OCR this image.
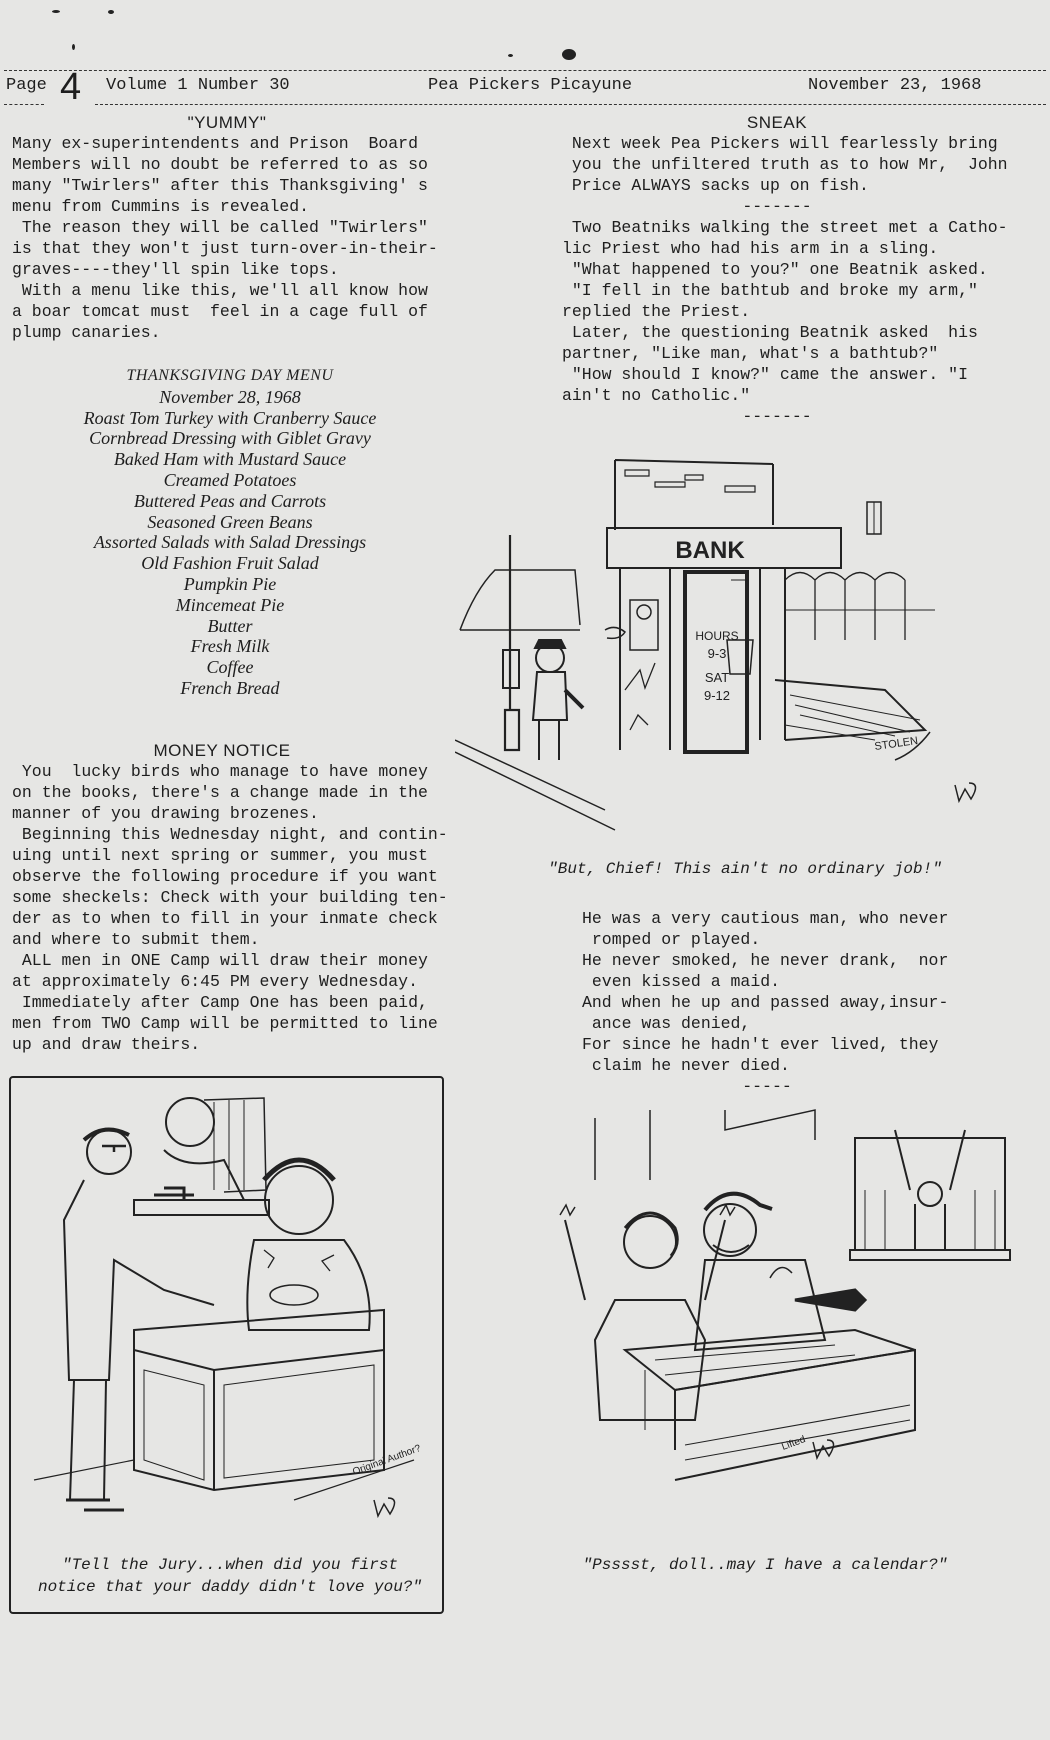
Page 4 Volume 1 Number 30	Pea Pickers Picayune	November 23, 1968

"YUMMY"

Many ex-superintendents and Prison  Board
Members will no doubt be referred to as so
many "Twirlers" after this Thanksgiving' s
menu from Cummins is revealed.

The reason they will be called "Twirlers"
is that they won't just turn-over-in-their-
graves----they'll spin like tops.

With a menu like this, we'll all know how
a boar tomcat must  feel in a cage full of
plump canaries.

THANKSGIVING DAY MENU
November 28, 1968
Roast Tom Turkey with Cranberry Sauce
Cornbread Dressing with Giblet Gravy
Baked Ham with Mustard Sauce
Creamed Potatoes
Buttered Peas and Carrots
Seasoned Green Beans
Assorted Salads with Salad Dressings
Old Fashion Fruit Salad
Pumpkin Pie
Mincemeat Pie
Butter
Fresh Milk
Coffee
French Bread

MONEY NOTICE

You  lucky birds who manage to have money
on the books, there's a change made in the
manner of you drawing brozenes.

Beginning this Wednesday night, and contin-
uing until next spring or summer, you must
observe the following procedure if you want
some sheckels: Check with your building ten-
der as to when to fill in your inmate check
and where to submit them.

ALL men in ONE Camp will draw their money
at approximately 6:45 PM every Wednesday.

Immediately after Camp One has been paid,
men from TWO Camp will be permitted to line
up and draw theirs.

SNEAK

Next week Pea Pickers will fearlessly bring
you the unfiltered truth as to how Mr,  John
Price ALWAYS sacks up on fish.

-------

Two Beatniks walking the street met a Catho-
lic Priest who had his arm in a sling.

"What happened to you?" one Beatnik asked.

"I fell in the bathtub and broke my arm,"
replied the Priest.

Later, the questioning Beatnik asked  his
partner, "Like man, what's a bathtub?"

"How should I know?" came the answer. "I
ain't no Catholic."

-------

BANK
HOURS
9-3
SAT
9-12
STOLEN
"But, Chief! This ain't no ordinary job!"

He was a very cautious man, who never
romped or played.

He never smoked, he never drank,  nor
even kissed a maid.

And when he up and passed away,insur-
ance was denied,

For since he hadn't ever lived, they
claim he never died.

-----

Original Author?
"Tell the Jury...when did you first
notice that your daddy didn't love you?"
Lifted
"Psssst, doll..may I have a calendar?"
